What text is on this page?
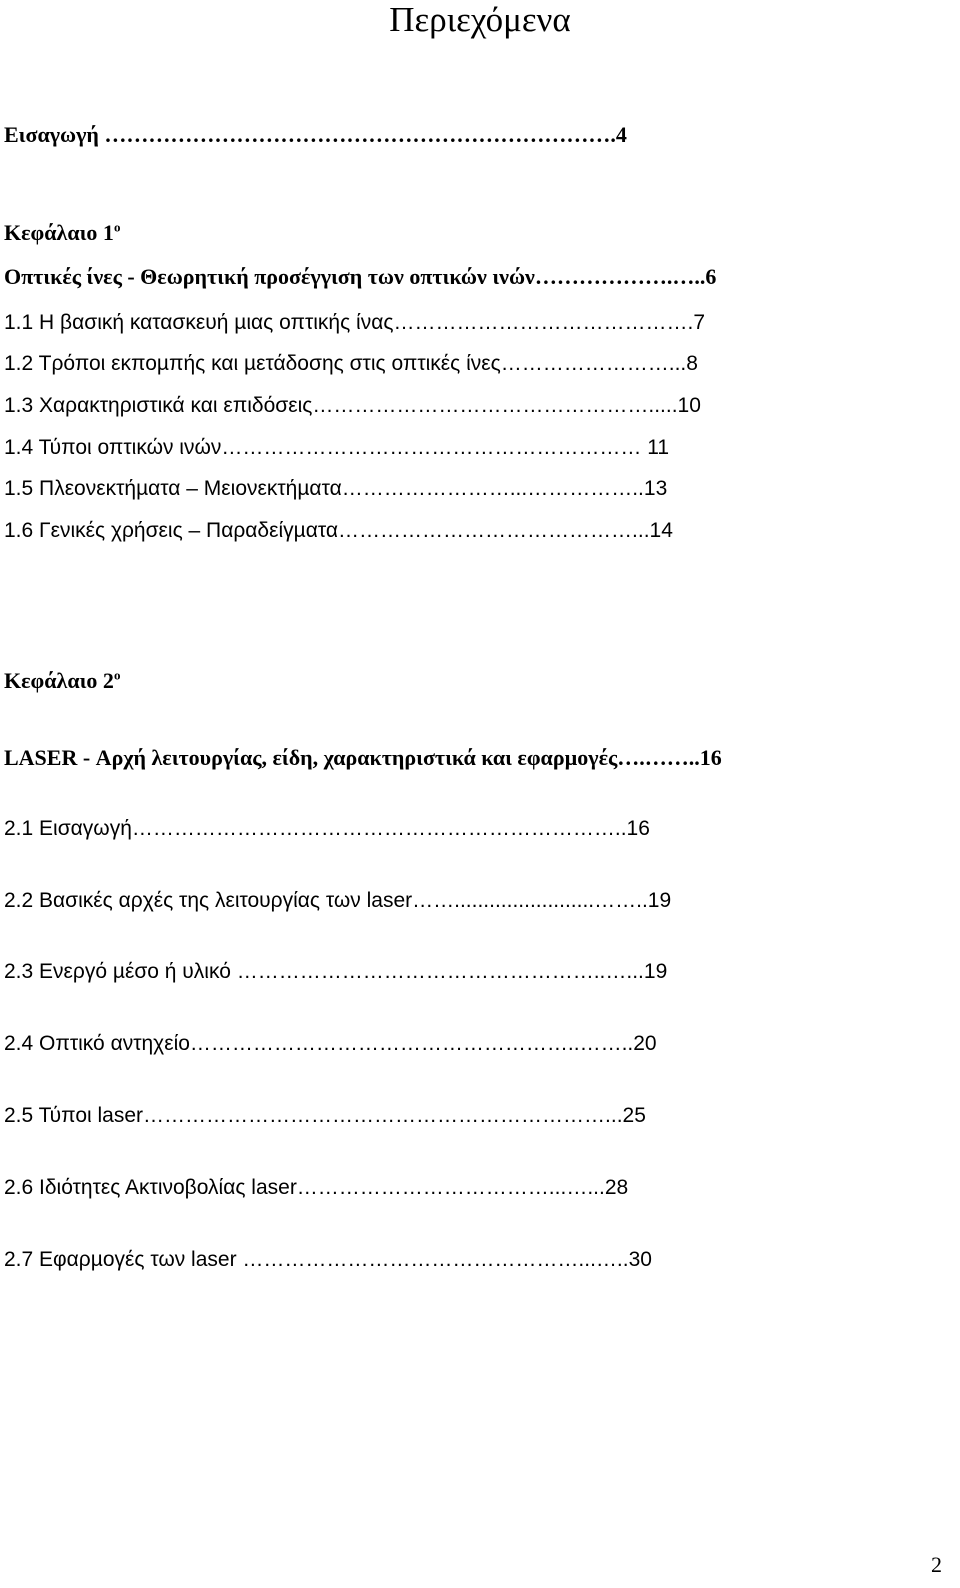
Περιεχόμενα
Εισαγωγή …………………………………………………………….4
Κεφάλαιο $1^o$
Οπτικές ίνες - Θεωρητική προσέγγιση των οπτικών ινών……………….…..6
1.1 Η βασική κατασκευή µιας οπτικής ίνας…………………………………….7
1.2 Τρόποι εκποµπής και µετάδοσης στις οπτικές ίνες……………………...8
1.3 Χαρακτηριστικά και επιδόσεις………………………………………….....10
1.4 Τύποι οπτικών ινών…………………………………………………… 11
1.5 Πλεονεκτήµατα – Μειονεκτήµατα……………………...……………..13
1.6 Γενικές χρήσεις – Παραδείγµατα……………………………………...14
Κεφάλαιο $2^o$
LASER - Αρχή λειτουργίας, είδη, χαρακτηριστικά και εφαρµογές….……..16
2.1 Εισαγωγή……………………………………………………………..16
2.2 Βασικές αρχές της λειτουργίας των laser……........................……..19
2.3 Ενεργό µέσο ή υλικό ……………………………………………..…...19
2.4 Οπτικό αντηχείο………………………………………………..……..20
2.5 Τύποι laser…………………………………………………………...25
2.6 Ιδιότητες Ακτινοβολίας laser………………………………...…...28
2.7 Εφαρµογές των laser …………………………………………...…..30
2
